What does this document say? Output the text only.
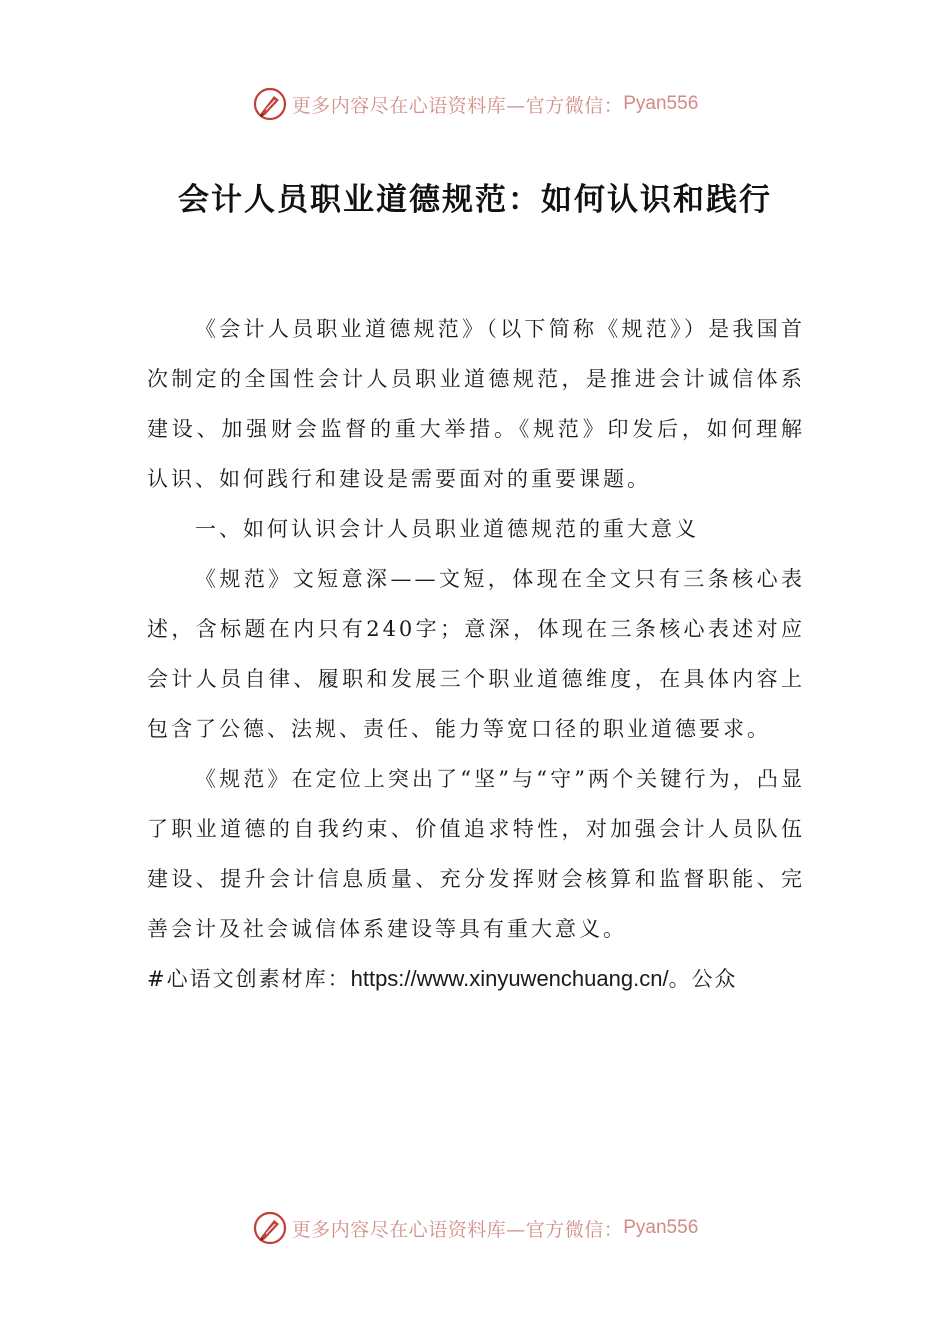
更多内容尽在心语资料库—官方微信： Pyan556
会计人员职业道德规范：如何认识和践行

《会计人员职业道德规范》（以下简称《规范》）是我国首次制定的全国性会计人员职业道德规范，是推进会计诚信体系建设、加强财会监督的重大举措。《规范》印发后，如何理解认识、如何践行和建设是需要面对的重要课题。

一、如何认识会计人员职业道德规范的重大意义

《规范》文短意深——文短，体现在全文只有三条核心表述，含标题在内只有240字；意深，体现在三条核心表述对应会计人员自律、履职和发展三个职业道德维度，在具体内容上包含了公德、法规、责任、能力等宽口径的职业道德要求。

《规范》在定位上突出了“坚”与“守”两个关键行为，凸显了职业道德的自我约束、价值追求特性，对加强会计人员队伍建设、提升会计信息质量、充分发挥财会核算和监督职能、完善会计及社会诚信体系建设等具有重大意义。

#心语文创素材库：https://www.xinyuwenchuang.cn/。公众

更多内容尽在心语资料库—官方微信： Pyan556
